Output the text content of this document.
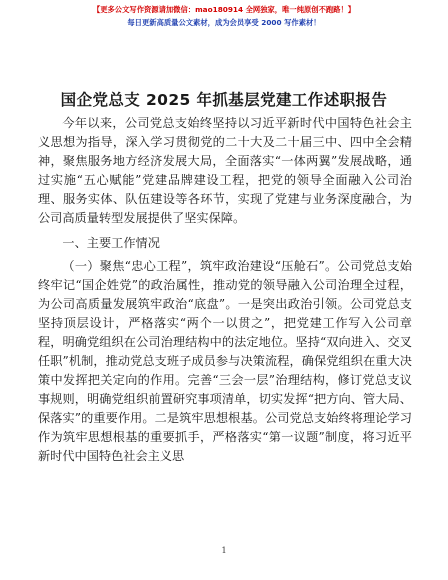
【更多公文写作资源请加微信：mao180914 全网独家，唯一纯原创不跑路！】
每日更新高质量公文素材，成为会员享受 2000 写作素材！
国企党总支 2025 年抓基层党建工作述职报告

今年以来，公司党总支始终坚持以习近平新时代中国特色社会主义思想为指导，深入学习贯彻党的二十大及二十届三中、四中全会精神，聚焦服务地方经济发展大局，全面落实“一体两翼”发展战略，通过实施“五心赋能”党建品牌建设工程，把党的领导全面融入公司治理、服务实体、队伍建设等各环节，实现了党建与业务深度融合，为公司高质量转型发展提供了坚实保障。

一、主要工作情况

（一）聚焦“忠心工程”，筑牢政治建设“压舱石”。公司党总支始终牢记“国企姓党”的政治属性，推动党的领导融入公司治理全过程，为公司高质量发展筑牢政治“底盘”。一是突出政治引领。公司党总支坚持顶层设计，严格落实“两个一以贯之”，把党建工作写入公司章程，明确党组织在公司治理结构中的法定地位。坚持“双向进入、交叉任职”机制，推动党总支班子成员参与决策流程，确保党组织在重大决策中发挥把关定向的作用。完善“三会一层”治理结构，修订党总支议事规则，明确党组织前置研究事项清单，切实发挥“把方向、管大局、保落实”的重要作用。二是筑牢思想根基。公司党总支始终将理论学习作为筑牢思想根基的重要抓手，严格落实“第一议题”制度，将习近平新时代中国特色社会主义思

1
